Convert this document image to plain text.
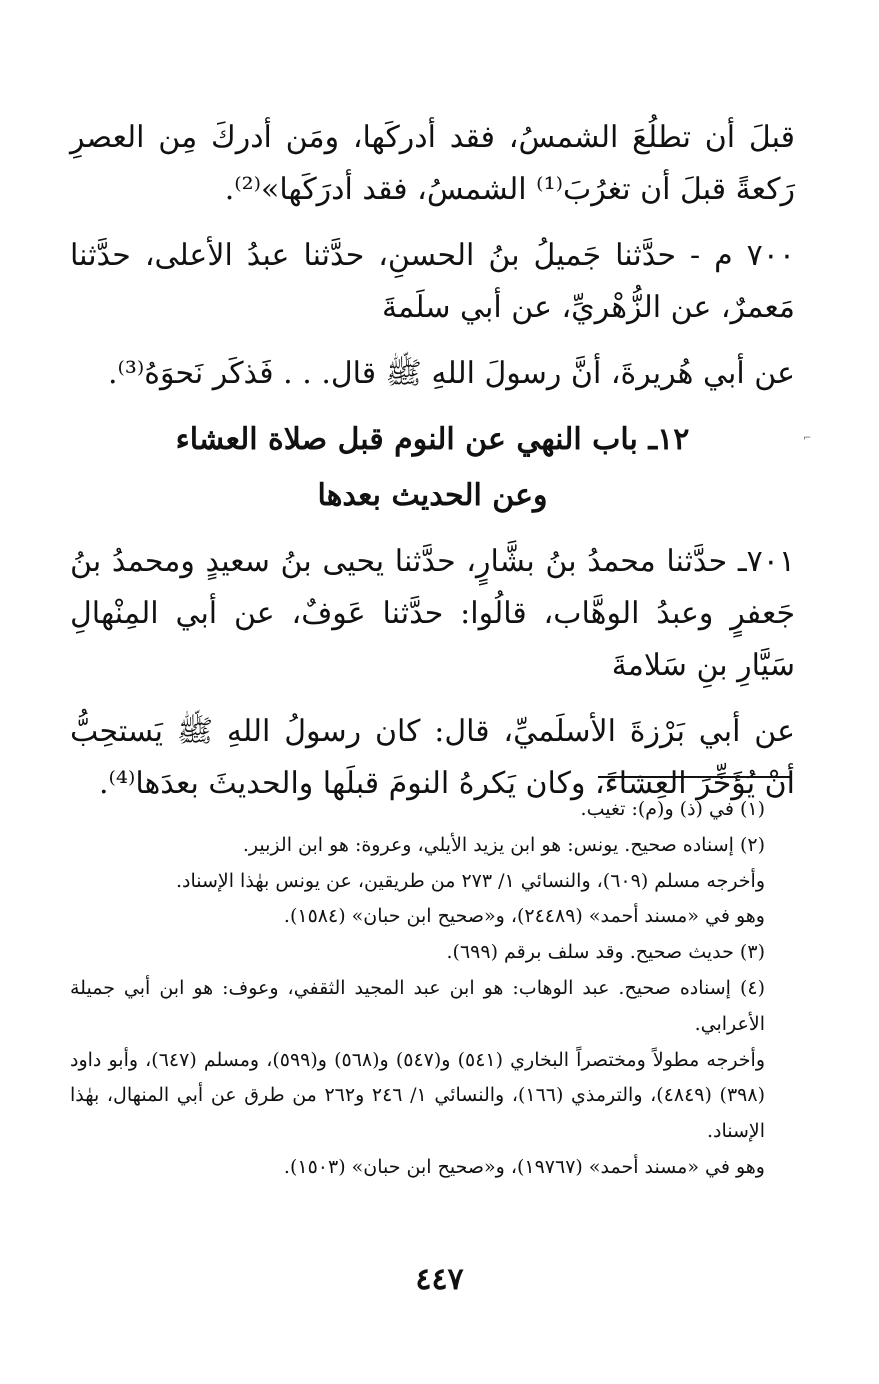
قبلَ أن تطلُعَ الشمسُ، فقد أدركَها، ومَن أدركَ مِن العصرِ رَكعةً قبلَ أن تغرُبَ⁽¹⁾ الشمسُ، فقد أدرَكَها»⁽²⁾.

٧٠٠ م - حدَّثنا جَميلُ بنُ الحسنِ، حدَّثنا عبدُ الأعلى، حدَّثنا مَعمرٌ، عن الزُّهْريِّ، عن أبي سلَمةَ

عن أبي هُريرةَ، أنَّ رسولَ اللهِ ﷺ قال. . . فَذكَر نَحوَهُ⁽³⁾.

١٢ـ باب النهي عن النوم قبل صلاة العشاء
وعن الحديث بعدها

٧٠١ـ حدَّثنا محمدُ بنُ بشَّارٍ، حدَّثنا يحيى بنُ سعيدٍ ومحمدُ بنُ جَعفرٍ وعبدُ الوهَّاب، قالُوا: حدَّثنا عَوفٌ، عن أبي المِنْهالِ سَيَّارِ بنِ سَلامةَ

عن أبي بَرْزةَ الأسلَميِّ، قال: كان رسولُ اللهِ ﷺ يَستحِبُّ أنْ يُؤَخِّرَ العِشاءَ، وكان يَكرهُ النومَ قبلَها والحديثَ بعدَها⁽⁴⁾.

(١) في (ذ) و(م): تغيب.

(٢) إسناده صحيح. يونس: هو ابن يزيد الأيلي، وعروة: هو ابن الزبير.

وأخرجه مسلم (٦٠٩)، والنسائي ١/ ٢٧٣ من طريقين، عن يونس بهٰذا الإسناد.

وهو في «مسند أحمد» (٢٤٤٨٩)، و«صحيح ابن حبان» (١٥٨٤).

(٣) حديث صحيح. وقد سلف برقم (٦٩٩).

(٤) إسناده صحيح. عبد الوهاب: هو ابن عبد المجيد الثقفي، وعوف: هو ابن أبي جميلة الأعرابي.

وأخرجه مطولاً ومختصراً البخاري (٥٤١) و(٥٤٧) و(٥٦٨) و(٥٩٩)، ومسلم (٦٤٧)، وأبو داود (٣٩٨) (٤٨٤٩)، والترمذي (١٦٦)، والنسائي ١/ ٢٤٦ و٢٦٢ من طرق عن أبي المنهال، بهٰذا الإسناد.

وهو في «مسند أحمد» (١٩٧٦٧)، و«صحيح ابن حبان» (١٥٠٣).

٤٤٧
⌐
